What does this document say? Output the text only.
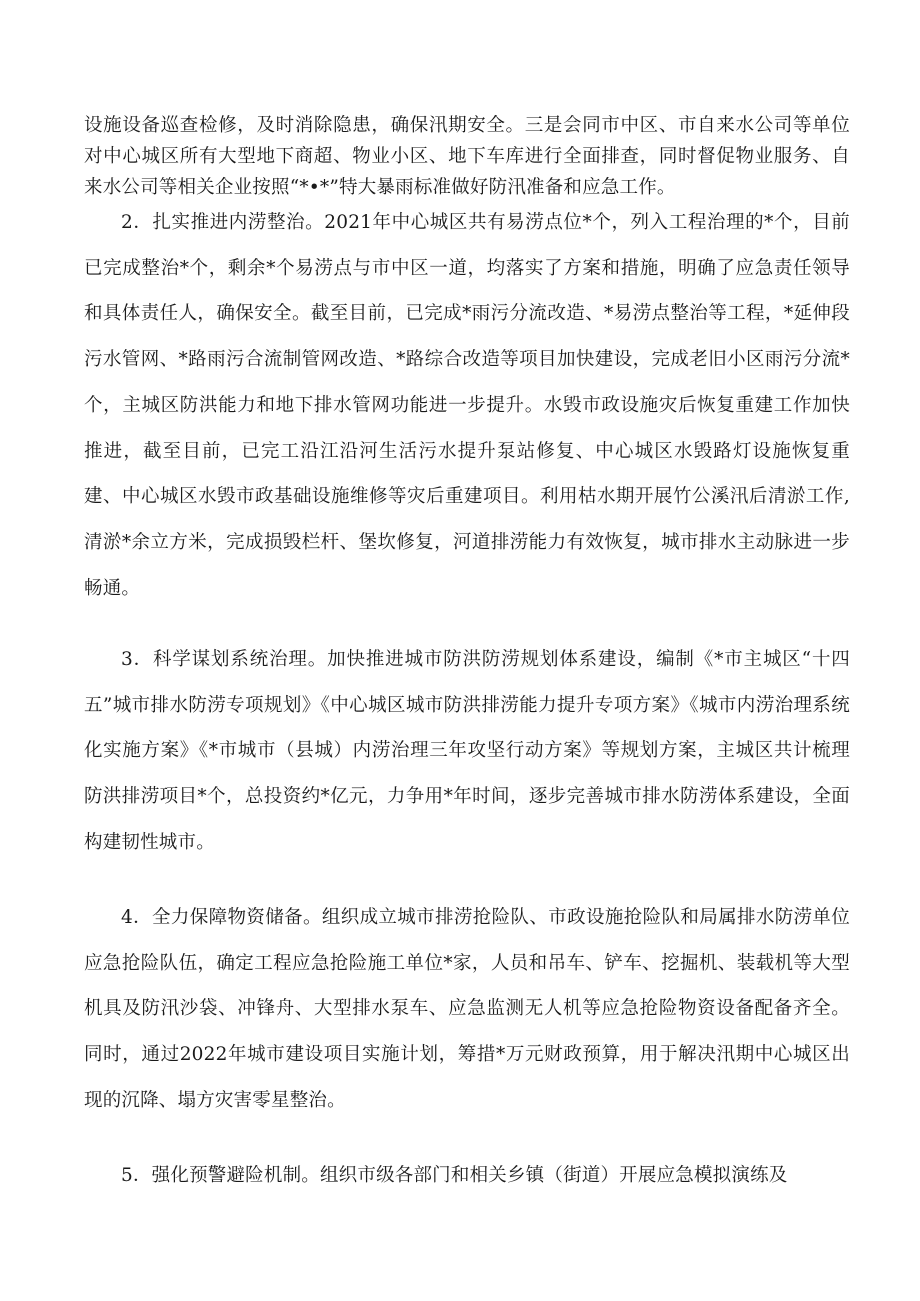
设施设备巡查检修，及时消除隐患，确保汛期安全。三是会同市中区、市自来水公司等单位对中心城区所有大型地下商超、物业小区、地下车库进行全面排查，同时督促物业服务、自来水公司等相关企业按照“*•*”特大暴雨标准做好防汛准备和应急工作。

2．扎实推进内涝整治。2021年中心城区共有易涝点位*个，列入工程治理的*个，目前已完成整治*个，剩余*个易涝点与市中区一道，均落实了方案和措施，明确了应急责任领导和具体责任人，确保安全。截至目前，已完成*雨污分流改造、*易涝点整治等工程，*延伸段污水管网、*路雨污合流制管网改造、*路综合改造等项目加快建设，完成老旧小区雨污分流*个，主城区防洪能力和地下排水管网功能进一步提升。水毁市政设施灾后恢复重建工作加快推进，截至目前，已完工沿江沿河生活污水提升泵站修复、中心城区水毁路灯设施恢复重建、中心城区水毁市政基础设施维修等灾后重建项目。利用枯水期开展竹公溪汛后清淤工作,清淤*余立方米，完成损毁栏杆、堡坎修复，河道排涝能力有效恢复，城市排水主动脉进一步畅通。

3．科学谋划系统治理。加快推进城市防洪防涝规划体系建设，编制《*市主城区“十四五”城市排水防涝专项规划》《中心城区城市防洪排涝能力提升专项方案》《城市内涝治理系统化实施方案》《*市城市（县城）内涝治理三年攻坚行动方案》等规划方案，主城区共计梳理防洪排涝项目*个，总投资约*亿元，力争用*年时间，逐步完善城市排水防涝体系建设，全面构建韧性城市。

4．全力保障物资储备。组织成立城市排涝抢险队、市政设施抢险队和局属排水防涝单位应急抢险队伍，确定工程应急抢险施工单位*家，人员和吊车、铲车、挖掘机、装载机等大型机具及防汛沙袋、冲锋舟、大型排水泵车、应急监测无人机等应急抢险物资设备配备齐全。同时，通过2022年城市建设项目实施计划，筹措*万元财政预算，用于解决汛期中心城区出现的沉降、塌方灾害零星整治。

5．强化预警避险机制。组织市级各部门和相关乡镇（街道）开展应急模拟演练及
